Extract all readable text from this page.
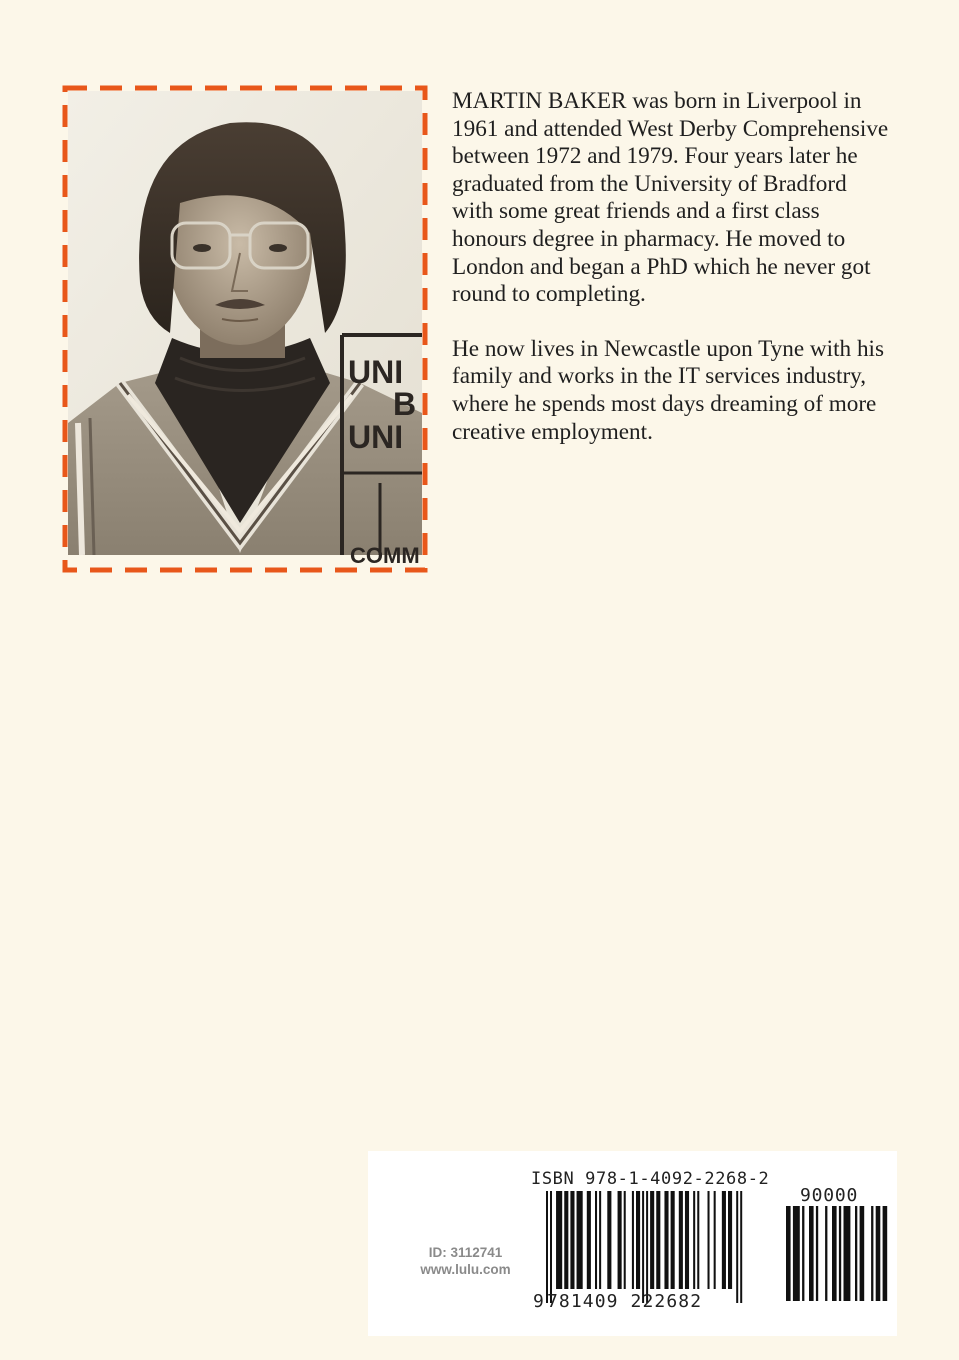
UNI
B
UNI
COMM

MARTIN BAKER was born in Liverpool in 1961 and attended West Derby Comprehensive between 1972 and 1979. Four years later he graduated from the University of Bradford with some great friends and a first class honours degree in pharmacy. He moved to London and began a PhD which he never got round to completing.

He now lives in Newcastle upon Tyne with his family and works in the IT services industry, where he spends most days dreaming of more creative employment.

ISBN 978-1-4092-2268-2
90000
9 781409 222682
ID: 3112741
www.lulu.com
